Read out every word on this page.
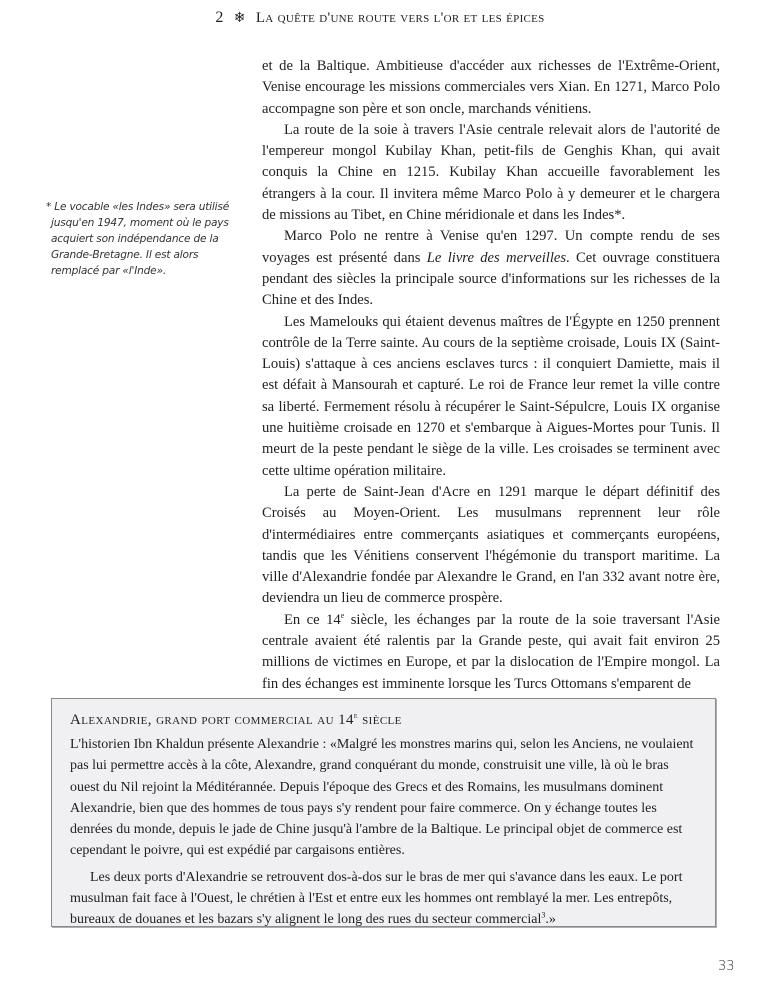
2 ❄ La quête d'une route vers l'or et les épices

* Le vocable «les Indes» sera utilisé jusqu'en 1947, moment où le pays acquiert son indépendance de la Grande-Bretagne. Il est alors remplacé par «l'Inde».

et de la Baltique. Ambitieuse d'accéder aux richesses de l'Extrême-Orient, Venise encourage les missions commerciales vers Xian. En 1271, Marco Polo accompagne son père et son oncle, marchands vénitiens.

La route de la soie à travers l'Asie centrale relevait alors de l'autorité de l'empereur mongol Kubilay Khan, petit-fils de Genghis Khan, qui avait conquis la Chine en 1215. Kubilay Khan accueille favorablement les étrangers à la cour. Il invitera même Marco Polo à y demeurer et le chargera de missions au Tibet, en Chine méridionale et dans les Indes*.

Marco Polo ne rentre à Venise qu'en 1297. Un compte rendu de ses voyages est présenté dans Le livre des merveilles. Cet ouvrage constituera pendant des siècles la principale source d'informations sur les richesses de la Chine et des Indes.

Les Mamelouks qui étaient devenus maîtres de l'Égypte en 1250 prennent contrôle de la Terre sainte. Au cours de la septième croisade, Louis IX (Saint-Louis) s'attaque à ces anciens esclaves turcs : il conquiert Damiette, mais il est défait à Mansourah et capturé. Le roi de France leur remet la ville contre sa liberté. Fermement résolu à récupérer le Saint-Sépulcre, Louis IX organise une huitième croisade en 1270 et s'embarque à Aigues-Mortes pour Tunis. Il meurt de la peste pendant le siège de la ville. Les croisades se terminent avec cette ultime opération militaire.

La perte de Saint-Jean d'Acre en 1291 marque le départ définitif des Croisés au Moyen-Orient. Les musulmans reprennent leur rôle d'intermédiaires entre commerçants asiatiques et commerçants européens, tandis que les Vénitiens conservent l'hégémonie du transport maritime. La ville d'Alexandrie fondée par Alexandre le Grand, en l'an 332 avant notre ère, deviendra un lieu de commerce prospère.

En ce 14e siècle, les échanges par la route de la soie traversant l'Asie centrale avaient été ralentis par la Grande peste, qui avait fait environ 25 millions de victimes en Europe, et par la dislocation de l'Empire mongol. La fin des échanges est imminente lorsque les Turcs Ottomans s'emparent de

Alexandrie, grand port commercial au 14e siècle

L'historien Ibn Khaldun présente Alexandrie : «Malgré les monstres marins qui, selon les Anciens, ne voulaient pas lui permettre accès à la côte, Alexandre, grand conquérant du monde, construisit une ville, là où le bras ouest du Nil rejoint la Méditérannée. Depuis l'époque des Grecs et des Romains, les musulmans dominent Alexandrie, bien que des hommes de tous pays s'y rendent pour faire commerce. On y échange toutes les denrées du monde, depuis le jade de Chine jusqu'à l'ambre de la Baltique. Le principal objet de commerce est cependant le poivre, qui est expédié par cargaisons entières.

Les deux ports d'Alexandrie se retrouvent dos-à-dos sur le bras de mer qui s'avance dans les eaux. Le port musulman fait face à l'Ouest, le chrétien à l'Est et entre eux les hommes ont remblayé la mer. Les entrepôts, bureaux de douanes et les bazars s'y alignent le long des rues du secteur commercial$^3$.»

33
